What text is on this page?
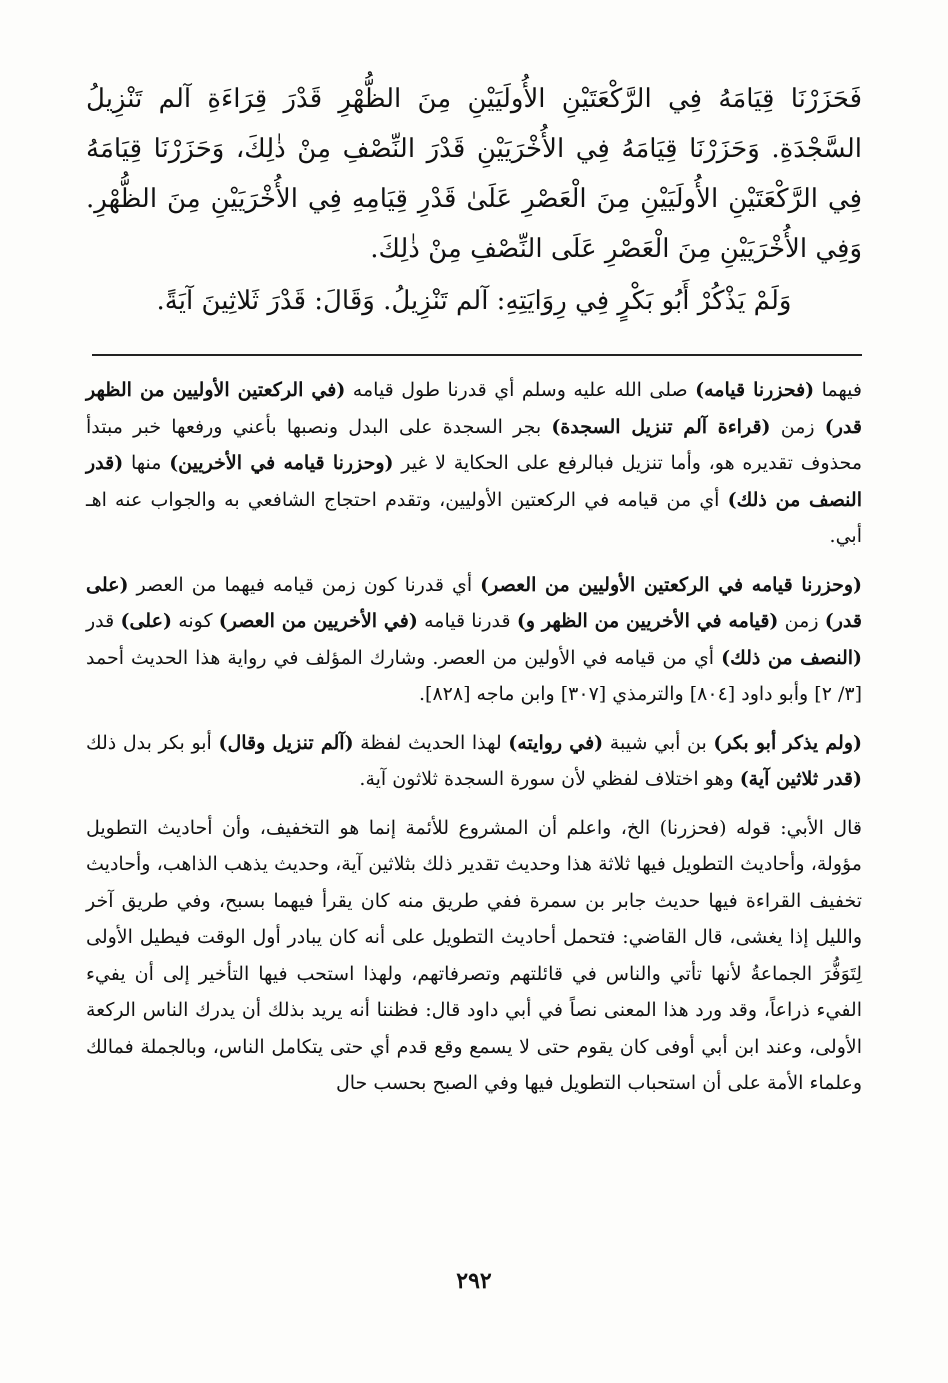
فَحَزَرْنَا قِيَامَهُ فِي الرَّكْعَتَيْنِ الأُولَيَيْنِ مِنَ الظُّهْرِ قَدْرَ قِرَاءَةِ آلم تَنْزِيلُ السَّجْدَةِ. وَحَزَرْنَا قِيَامَهُ فِي الأُخْرَيَيْنِ قَدْرَ النِّصْفِ مِنْ ذٰلِكَ، وَحَزَرْنَا قِيَامَهُ فِي الرَّكْعَتَيْنِ الأُولَيَيْنِ مِنَ الْعَصْرِ عَلَىٰ قَدْرِ قِيَامِهِ فِي الأُخْرَيَيْنِ مِنَ الظُّهْرِ. وَفِي الأُخْرَيَيْنِ مِنَ الْعَصْرِ عَلَى النِّصْفِ مِنْ ذٰلِكَ.

وَلَمْ يَذْكُرْ أَبُو بَكْرٍ فِي رِوَايَتِهِ: آلم تَنْزِيلُ. وَقَالَ: قَدْرَ ثَلاثِينَ آيَةً.

فيهما (فحزرنا قيامه) صلى الله عليه وسلم أي قدرنا طول قيامه (في الركعتين الأوليين من الظهر قدر) زمن (قراءة آلم تنزيل السجدة) بجر السجدة على البدل ونصبها بأعني ورفعها خبر مبتدأ محذوف تقديره هو، وأما تنزيل فبالرفع على الحكاية لا غير (وحزرنا قيامه في الأخريين) منها (قدر النصف من ذلك) أي من قيامه في الركعتين الأوليين، وتقدم احتجاج الشافعي به والجواب عنه اهـ أبي.

(وحزرنا قيامه في الركعتين الأوليين من العصر) أي قدرنا كون زمن قيامه فيهما من العصر (على قدر) زمن (قيامه في الأخريين من الظهر و) قدرنا قيامه (في الأخريين من العصر) كونه (على) قدر (النصف من ذلك) أي من قيامه في الأولين من العصر. وشارك المؤلف في رواية هذا الحديث أحمد [٣/ ٢] وأبو داود [٨٠٤] والترمذي [٣٠٧] وابن ماجه [٨٢٨].

(ولم يذكر أبو بكر) بن أبي شيبة (في روايته) لهذا الحديث لفظة (آلم تنزيل وقال) أبو بكر بدل ذلك (قدر ثلاثين آية) وهو اختلاف لفظي لأن سورة السجدة ثلاثون آية.

قال الأبي: قوله (فحزرنا) الخ، واعلم أن المشروع للأئمة إنما هو التخفيف، وأن أحاديث التطويل مؤولة، وأحاديث التطويل فيها ثلاثة هذا وحديث تقدير ذلك بثلاثين آية، وحديث يذهب الذاهب، وأحاديث تخفيف القراءة فيها حديث جابر بن سمرة ففي طريق منه كان يقرأ فيهما بسبح، وفي طريق آخر والليل إذا يغشى، قال القاضي: فتحمل أحاديث التطويل على أنه كان يبادر أول الوقت فيطيل الأولى لِتَوَفُّرَ الجماعةُ لأنها تأتي والناس في قائلتهم وتصرفاتهم، ولهذا استحب فيها التأخير إلى أن يفيء الفيء ذراعاً، وقد ورد هذا المعنى نصاً في أبي داود قال: فظننا أنه يريد بذلك أن يدرك الناس الركعة الأولى، وعند ابن أبي أوفى كان يقوم حتى لا يسمع وقع قدم أي حتى يتكامل الناس، وبالجملة فمالك وعلماء الأمة على أن استحباب التطويل فيها وفي الصبح بحسب حال

٢٩٢
